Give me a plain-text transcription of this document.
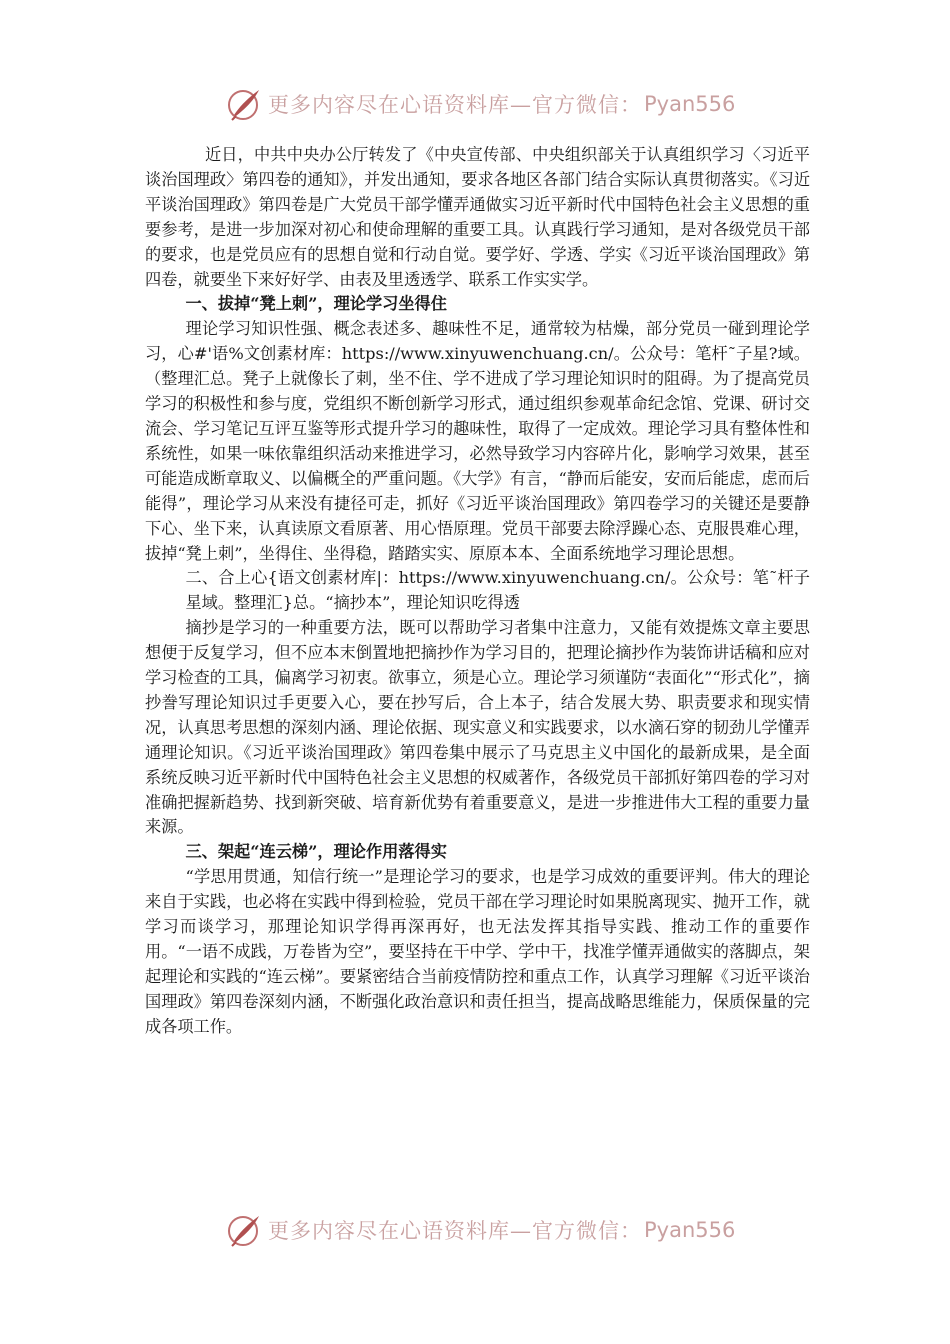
更多内容尽在心语资料库—官方微信： Pyan556

近日，中共中央办公厅转发了《中央宣传部、中央组织部关于认真组织学习〈习近平谈治国理政〉第四卷的通知》，并发出通知，要求各地区各部门结合实际认真贯彻落实。《习近平谈治国理政》第四卷是广大党员干部学懂弄通做实习近平新时代中国特色社会主义思想的重要参考，是进一步加深对初心和使命理解的重要工具。认真践行学习通知，是对各级党员干部的要求，也是党员应有的思想自觉和行动自觉。要学好、学透、学实《习近平谈治国理政》第四卷，就要坐下来好好学、由表及里透透学、联系工作实实学。

一、拔掉“凳上刺”，理论学习坐得住

理论学习知识性强、概念表述多、趣味性不足，通常较为枯燥，部分党员一碰到理论学习，心#'语%文创素材库：https://www.xinyuwenchuang.cn/。公众号：笔杆˜子星?域。（整理汇总。凳子上就像长了刺，坐不住、学不进成了学习理论知识时的阻碍。为了提高党员学习的积极性和参与度，党组织不断创新学习形式，通过组织参观革命纪念馆、党课、研讨交流会、学习笔记互评互鉴等形式提升学习的趣味性，取得了一定成效。理论学习具有整体性和系统性，如果一味依靠组织活动来推进学习，必然导致学习内容碎片化，影响学习效果，甚至可能造成断章取义、以偏概全的严重问题。《大学》有言，“静而后能安，安而后能虑，虑而后能得”，理论学习从来没有捷径可走，抓好《习近平谈治国理政》第四卷学习的关键还是要静下心、坐下来，认真读原文看原著、用心悟原理。党员干部要去除浮躁心态、克服畏难心理，拔掉“凳上刺”，坐得住、坐得稳，踏踏实实、原原本本、全面系统地学习理论思想。

二、合上心{语文创素材库|：https://www.xinyuwenchuang.cn/。公众号：笔˜杆子星域。整理汇}总。“摘抄本”，理论知识吃得透

摘抄是学习的一种重要方法，既可以帮助学习者集中注意力，又能有效提炼文章主要思想便于反复学习，但不应本末倒置地把摘抄作为学习目的，把理论摘抄作为装饰讲话稿和应对学习检查的工具，偏离学习初衷。欲事立，须是心立。理论学习须谨防“表面化”“形式化”，摘抄誊写理论知识过手更要入心，要在抄写后，合上本子，结合发展大势、职责要求和现实情况，认真思考思想的深刻内涵、理论依据、现实意义和实践要求，以水滴石穿的韧劲儿学懂弄通理论知识。《习近平谈治国理政》第四卷集中展示了马克思主义中国化的最新成果，是全面系统反映习近平新时代中国特色社会主义思想的权威著作，各级党员干部抓好第四卷的学习对准确把握新趋势、找到新突破、培育新优势有着重要意义，是进一步推进伟大工程的重要力量来源。

三、架起“连云梯”，理论作用落得实

“学思用贯通，知信行统一”是理论学习的要求，也是学习成效的重要评判。伟大的理论来自于实践，也必将在实践中得到检验，党员干部在学习理论时如果脱离现实、抛开工作，就学习而谈学习，那理论知识学得再深再好，也无法发挥其指导实践、推动工作的重要作用。“一语不成践，万卷皆为空”，要坚持在干中学、学中干，找准学懂弄通做实的落脚点，架起理论和实践的“连云梯”。要紧密结合当前疫情防控和重点工作，认真学习理解《习近平谈治国理政》第四卷深刻内涵，不断强化政治意识和责任担当，提高战略思维能力，保质保量的完成各项工作。

更多内容尽在心语资料库—官方微信： Pyan556
